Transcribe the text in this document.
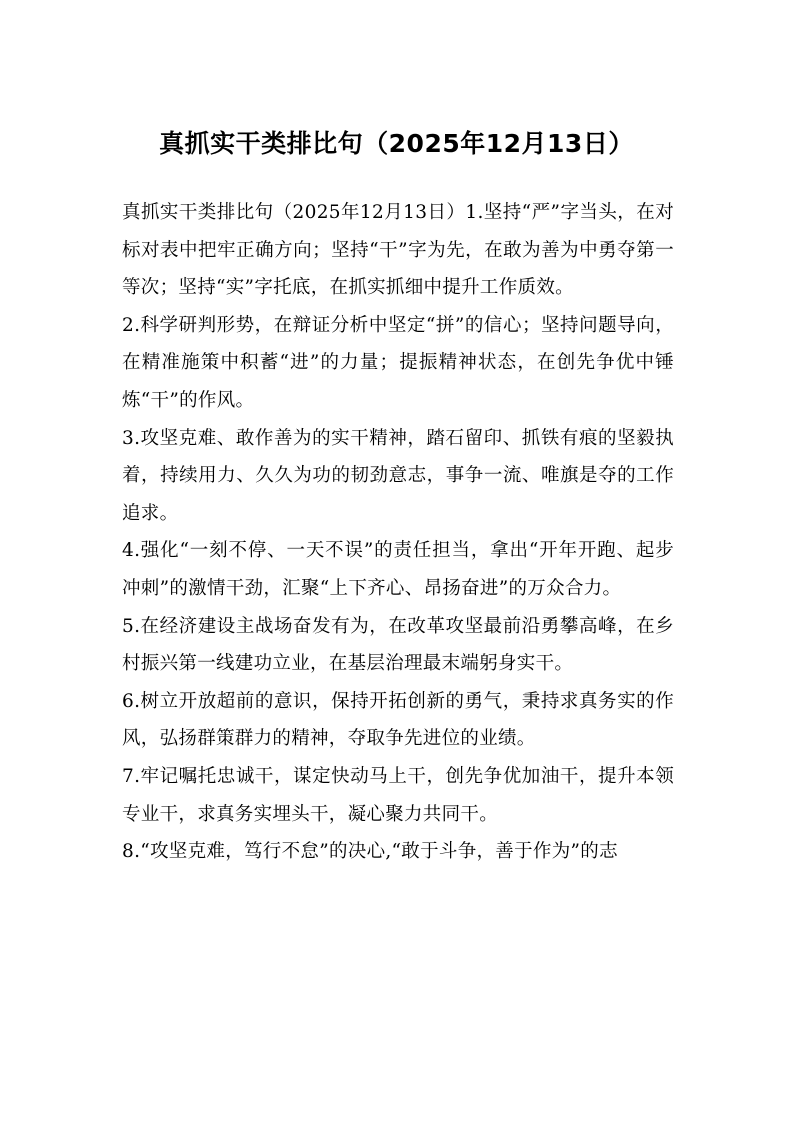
真抓实干类排比句（2025年12月13日）

真抓实干类排比句（2025年12月13日）1.坚持“严”字当头，在对标对表中把牢正确方向；坚持“干”字为先，在敢为善为中勇夺第一等次；坚持“实”字托底，在抓实抓细中提升工作质效。

2.科学研判形势，在辩证分析中坚定“拼”的信心；坚持问题导向，在精准施策中积蓄“进”的力量；提振精神状态，在创先争优中锤炼“干”的作风。

3.攻坚克难、敢作善为的实干精神，踏石留印、抓铁有痕的坚毅执着，持续用力、久久为功的韧劲意志，事争一流、唯旗是夺的工作追求。

4.强化“一刻不停、一天不误”的责任担当，拿出“开年开跑、起步冲刺”的激情干劲，汇聚“上下齐心、昂扬奋进”的万众合力。

5.在经济建设主战场奋发有为，在改革攻坚最前沿勇攀高峰，在乡村振兴第一线建功立业，在基层治理最末端躬身实干。

6.树立开放超前的意识，保持开拓创新的勇气，秉持求真务实的作风，弘扬群策群力的精神，夺取争先进位的业绩。

7.牢记嘱托忠诚干，谋定快动马上干，创先争优加油干，提升本领专业干，求真务实埋头干，凝心聚力共同干。

8.“攻坚克难，笃行不怠”的决心,“敢于斗争，善于作为”的志
